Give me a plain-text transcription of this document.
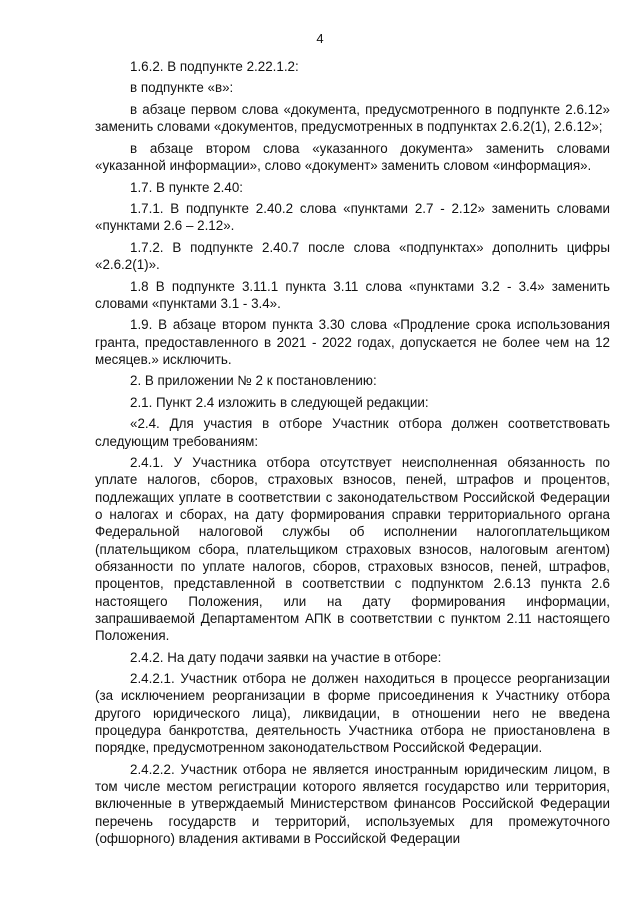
4

1.6.2. В подпункте 2.22.1.2:

в подпункте «в»:

в абзаце первом слова «документа, предусмотренного в подпункте 2.6.12» заменить словами «документов, предусмотренных в подпунктах 2.6.2(1), 2.6.12»;

в абзаце втором слова «указанного документа» заменить словами «указанной информации», слово «документ» заменить словом «информация».

1.7. В пункте 2.40:

1.7.1. В подпункте 2.40.2 слова «пунктами 2.7 - 2.12» заменить словами «пунктами 2.6 – 2.12».

1.7.2. В подпункте 2.40.7 после слова «подпунктах» дополнить цифры «2.6.2(1)».

1.8 В подпункте 3.11.1 пункта 3.11 слова «пунктами 3.2 - 3.4» заменить словами «пунктами 3.1 - 3.4».

1.9. В абзаце втором пункта 3.30 слова «Продление срока использования гранта, предоставленного в 2021 - 2022 годах, допускается не более чем на 12 месяцев.» исключить.

2. В приложении № 2 к постановлению:

2.1. Пункт 2.4 изложить в следующей редакции:

«2.4. Для участия в отборе Участник отбора должен соответствовать следующим требованиям:

2.4.1. У Участника отбора отсутствует неисполненная обязанность по уплате налогов, сборов, страховых взносов, пеней, штрафов и процентов, подлежащих уплате в соответствии с законодательством Российской Федерации о налогах и сборах, на дату формирования справки территориального органа Федеральной налоговой службы об исполнении налогоплательщиком (плательщиком сбора, плательщиком страховых взносов, налоговым агентом) обязанности по уплате налогов, сборов, страховых взносов, пеней, штрафов, процентов, представленной в соответствии с подпунктом 2.6.13 пункта 2.6 настоящего Положения, или на дату формирования информации, запрашиваемой Департаментом АПК в соответствии с пунктом 2.11 настоящего Положения.

2.4.2. На дату подачи заявки на участие в отборе:

2.4.2.1. Участник отбора не должен находиться в процессе реорганизации (за исключением реорганизации в форме присоединения к Участнику отбора другого юридического лица), ликвидации, в отношении него не введена процедура банкротства, деятельность Участника отбора не приостановлена в порядке, предусмотренном законодательством Российской Федерации.

2.4.2.2. Участник отбора не является иностранным юридическим лицом, в том числе местом регистрации которого является государство или территория, включенные в утверждаемый Министерством финансов Российской Федерации перечень государств и территорий, используемых для промежуточного (офшорного) владения активами в Российской Федерации
